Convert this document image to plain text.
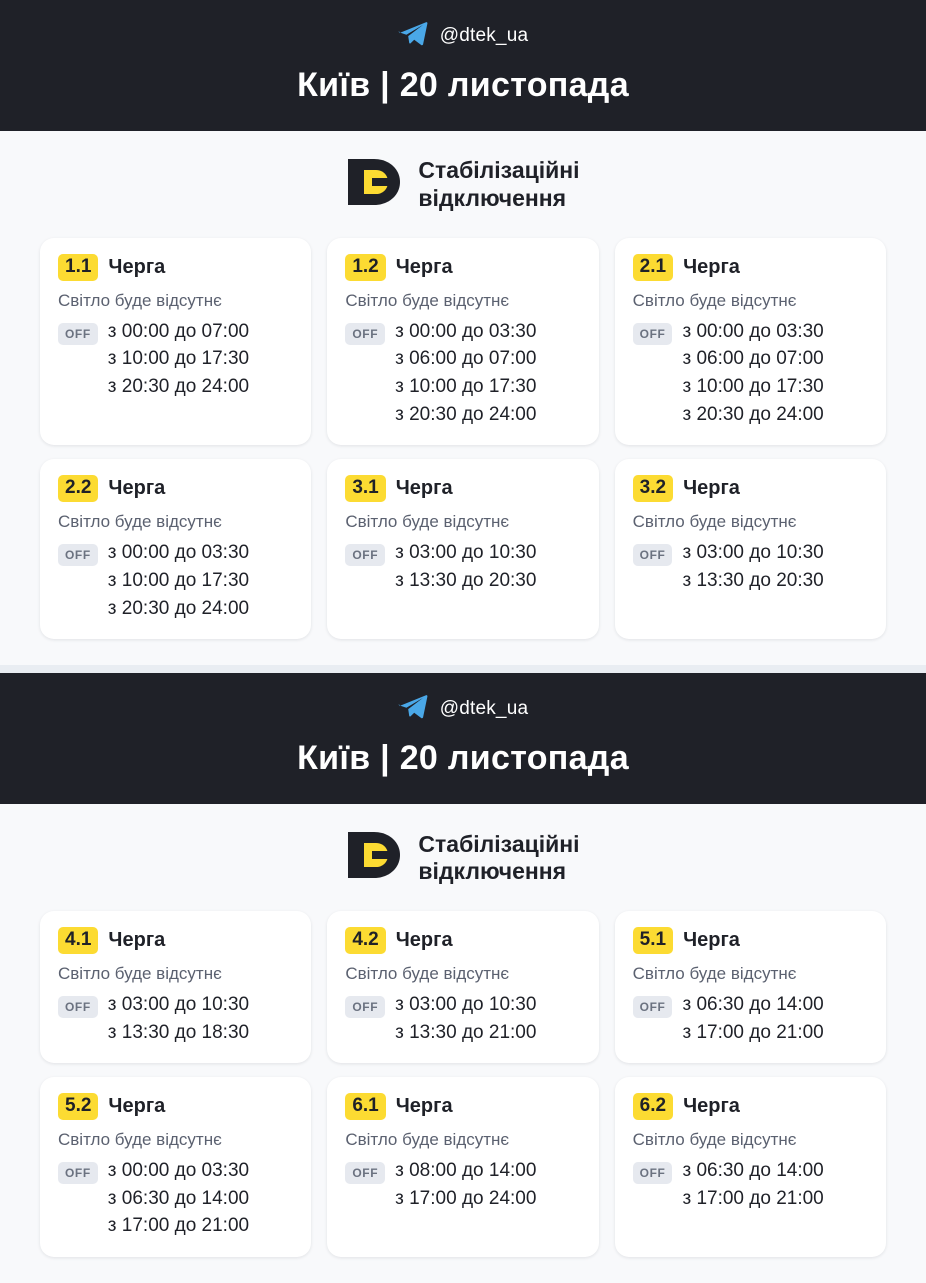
@dtek_ua
Київ | 20 листопада
Стабілізаційні
відключення
1.1 Черга
Світло буде відсутнє
OFF з 00:00 до 07:00
з 10:00 до 17:30
з 20:30 до 24:00
1.2 Черга
Світло буде відсутнє
OFF з 00:00 до 03:30
з 06:00 до 07:00
з 10:00 до 17:30
з 20:30 до 24:00
2.1 Черга
Світло буде відсутнє
OFF з 00:00 до 03:30
з 06:00 до 07:00
з 10:00 до 17:30
з 20:30 до 24:00
2.2 Черга
Світло буде відсутнє
OFF з 00:00 до 03:30
з 10:00 до 17:30
з 20:30 до 24:00
3.1 Черга
Світло буде відсутнє
OFF з 03:00 до 10:30
з 13:30 до 20:30
3.2 Черга
Світло буде відсутнє
OFF з 03:00 до 10:30
з 13:30 до 20:30
@dtek_ua
Київ | 20 листопада
Стабілізаційні
відключення
4.1 Черга
Світло буде відсутнє
OFF з 03:00 до 10:30
з 13:30 до 18:30
4.2 Черга
Світло буде відсутнє
OFF з 03:00 до 10:30
з 13:30 до 21:00
5.1 Черга
Світло буде відсутнє
OFF з 06:30 до 14:00
з 17:00 до 21:00
5.2 Черга
Світло буде відсутнє
OFF з 00:00 до 03:30
з 06:30 до 14:00
з 17:00 до 21:00
6.1 Черга
Світло буде відсутнє
OFF з 08:00 до 14:00
з 17:00 до 24:00
6.2 Черга
Світло буде відсутнє
OFF з 06:30 до 14:00
з 17:00 до 21:00
